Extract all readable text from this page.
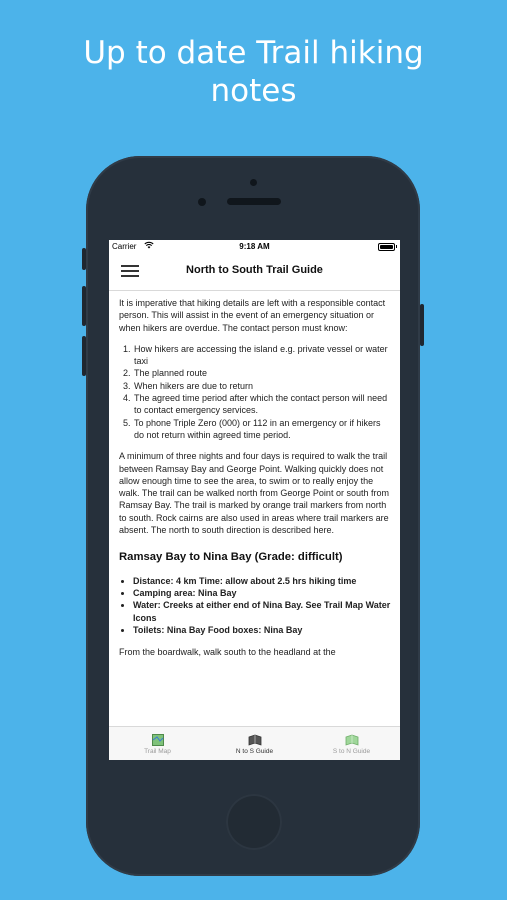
Up to date Trail hiking
notes
Carrier	9:18 AM
North to South Trail Guide

It is imperative that hiking details are left with a responsible contact person. This will assist in the event of an emergency situation or when hikers are overdue. The contact person must know:

1. How hikers are accessing the island e.g. private vessel or water taxi
2. The planned route
3. When hikers are due to return
4. The agreed time period after which the contact person will need to contact emergency services.
5. To phone Triple Zero (000) or 112 in an emergency or if hikers do not return within agreed time period.

A minimum of three nights and four days is required to walk the trail between Ramsay Bay and George Point. Walking quickly does not allow enough time to see the area, to swim or to really enjoy the walk. The trail can be walked north from George Point or south from Ramsay Bay. The trail is marked by orange trail markers from north to south. Rock cairns are also used in areas where trail markers are absent. The north to south direction is described here.

Ramsay Bay to Nina Bay (Grade: difficult)
• Distance: 4 km Time: allow about 2.5 hrs hiking time
• Camping area: Nina Bay
• Water: Creeks at either end of Nina Bay. See Trail Map Water Icons
• Toilets: Nina Bay Food boxes: Nina Bay

From the boardwalk, walk south to the headland at the

Trail Map	N to S Guide	S to N Guide
